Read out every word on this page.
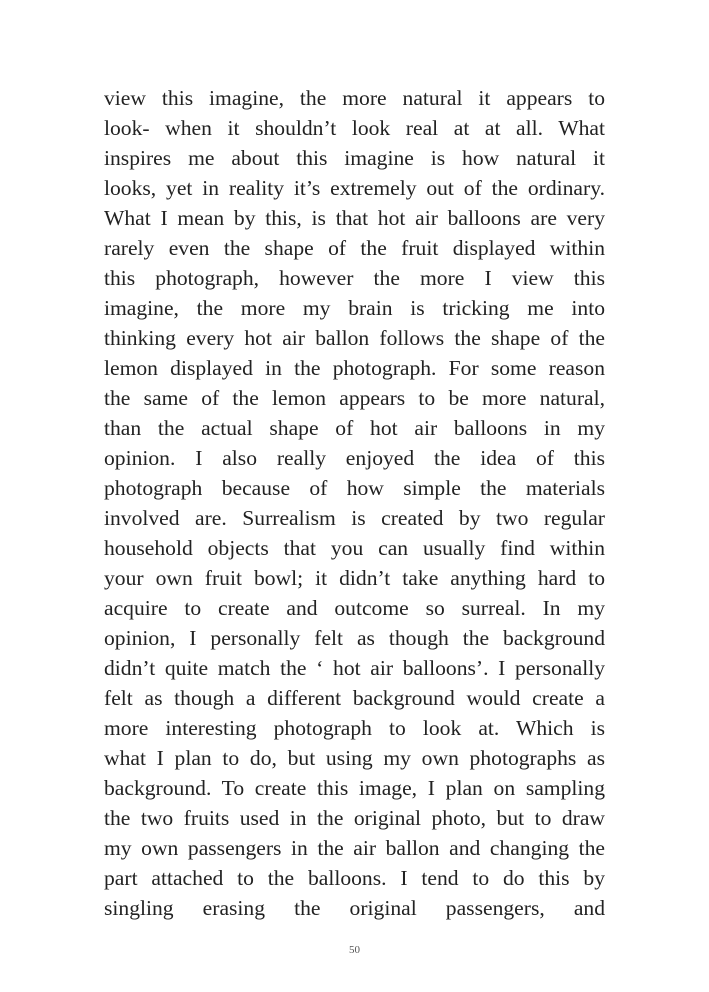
view this imagine, the more natural it appears to
look- when it shouldn’t look real at at all. What
inspires me about this imagine is how natural it
looks, yet in reality it’s extremely out of the ordinary.
What I mean by this, is that hot air balloons are very
rarely even the shape of the fruit displayed within
this photograph, however the more I view this
imagine, the more my brain is tricking me into
thinking every hot air ballon follows the shape of the
lemon displayed in the photograph. For some reason
the same of the lemon appears to be more natural,
than the actual shape of hot air balloons in my
opinion. I also really enjoyed the idea of this
photograph because of how simple the materials
involved are. Surrealism is created by two regular
household objects that you can usually find within
your own fruit bowl; it didn’t take anything hard to
acquire to create and outcome so surreal. In my
opinion, I personally felt as though the background
didn’t quite match the ‘ hot air balloons’. I personally
felt as though a different background would create a
more interesting photograph to look at. Which is
what I plan to do, but using my own photographs as
background. To create this image, I plan on sampling
the two fruits used in the original photo, but to draw
my own passengers in the air ballon and changing the
part attached to the balloons. I tend to do this by
singling erasing the original passengers, and
50
